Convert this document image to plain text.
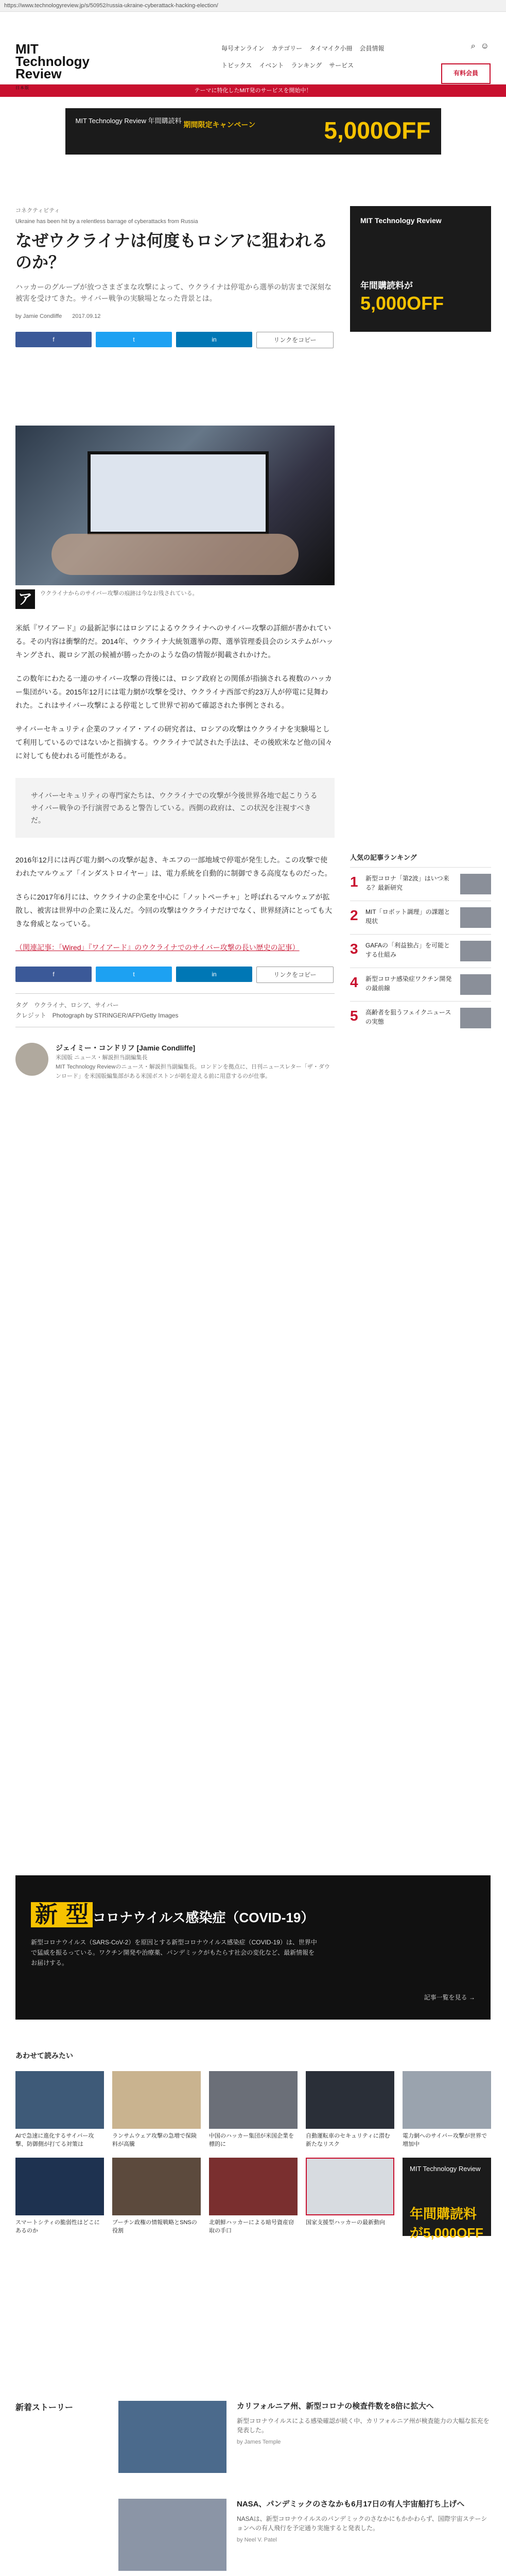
https://www.technologyreview.jp/s/50952/russia-ukraine-cyberattack-hacking-election/
MIT
Technology
Review
日本版
毎号オンライン カテゴリー タイマイク小冊 会員情報
トピックス イベント ランキング サービス
⌕ ☺
有料会員
テーマに特化したMIT発のサービスを開始中！
MIT Technology Review 年間購読料 期間限定キャンペーン	5,000OFF
コネクティビティ
Ukraine has been hit by a relentless barrage of cyberattacks from Russia
なぜウクライナは何度もロシアに狙われるのか？
ハッカーのグループが放つさまざまな攻撃によって、ウクライナは停電から選挙の妨害まで深刻な被害を受けてきた。サイバー戦争の実験場となった背景とは。
by Jamie Condliffe 2017.09.12
f	t	in	リンクをコピー
ア	ウクライナからのサイバー攻撃の痕跡は今なお残されている。

米紙『ワイアード』の最新記事にはロシアによるウクライナへのサイバー攻撃の詳細が書かれている。その内容は衝撃的だ。2014年、ウクライナ大統領選挙の際、選挙管理委員会のシステムがハッキングされ、親ロシア派の候補が勝ったかのような偽の情報が掲載されかけた。

この数年にわたる一連のサイバー攻撃の背後には、ロシア政府との関係が指摘される複数のハッカー集団がいる。2015年12月には電力網が攻撃を受け、ウクライナ西部で約23万人が停電に見舞われた。これはサイバー攻撃による停電として世界で初めて確認された事例とされる。

サイバーセキュリティ企業のファイア・アイの研究者は、ロシアの攻撃はウクライナを実験場として利用しているのではないかと指摘する。ウクライナで試された手法は、その後欧米など他の国々に対しても使われる可能性がある。

サイバーセキュリティの専門家たちは、ウクライナでの攻撃が今後世界各地で起こりうるサイバー戦争の予行演習であると警告している。西側の政府は、この状況を注視すべきだ。

2016年12月には再び電力網への攻撃が起き、キエフの一部地域で停電が発生した。この攻撃で使われたマルウェア「インダストロイヤー」は、電力系統を自動的に制御できる高度なものだった。

さらに2017年6月には、ウクライナの企業を中心に「ノットペーチャ」と呼ばれるマルウェアが拡散し、被害は世界中の企業に及んだ。今回の攻撃はウクライナだけでなく、世界経済にとっても大きな脅威となっている。

（関連記事：「Wired」『ワイアード』のウクライナでのサイバー攻撃の長い歴史の記事）

f	t	in	リンクをコピー
タグ　 ウクライナ、ロシア、サイバー
クレジット　 Photograph by STRINGER/AFP/Getty Images
ジェイミー・コンドリフ [Jamie Condliffe]
米国版 ニュース・解説担当副編集長
MIT Technology Reviewのニュース・解説担当副編集長。ロンドンを拠点に、日刊ニュースレター「ザ・ダウンロード」を米国版編集部がある米国ボストンが朝を迎える前に用意するのが仕事。
MIT Technology Review
年間購読料が
5,000OFF
人気の記事ランキング
1	新型コロナ「第2波」はいつ来る？最新研究
2	MIT「ロボット調理」の課題と現状
3	GAFAの「利益独占」を可能とする仕組み
4	新型コロナ感染症ワクチン開発の最前線
5	高齢者を狙うフェイクニュースの実態
新 型 コロナウイルス感染症（COVID-19）
新型コロナウイルス（SARS-CoV-2）を原因とする新型コロナウイルス感染症（COVID-19）は、世界中で猛威を振るっている。ワクチン開発や治療薬、パンデミックがもたらす社会の変化など、最新情報をお届けする。
記事一覧を見る →
あわせて読みたい
AIで急速に進化するサイバー攻撃、防御側が打てる対策は
ランサムウェア攻撃の急増で保険料が高騰
中国のハッカー集団が米国企業を標的に
自動運転車のセキュリティに潜む新たなリスク
電力網へのサイバー攻撃が世界で増加中
スマートシティの脆弱性はどこにあるのか
プーチン政権の情報戦略とSNSの役割
北朝鮮ハッカーによる暗号資産窃取の手口
国家支援型ハッカーの最新動向
MIT Technology Review
年間購読料が5,000OFF
新着ストーリー	カリフォルニア州、新型コロナの検査件数を8倍に拡大へ
新型コロナウイルスによる感染確認が続く中、カリフォルニア州が検査能力の大幅な拡充を発表した。
by James Temple
NASA、パンデミックのさなかも6月17日の有人宇宙船打ち上げへ
NASAは、新型コロナウイルスのパンデミックのさなかにもかかわらず、国際宇宙ステーションへの有人飛行を予定通り実施すると発表した。
by Neel V. Patel
